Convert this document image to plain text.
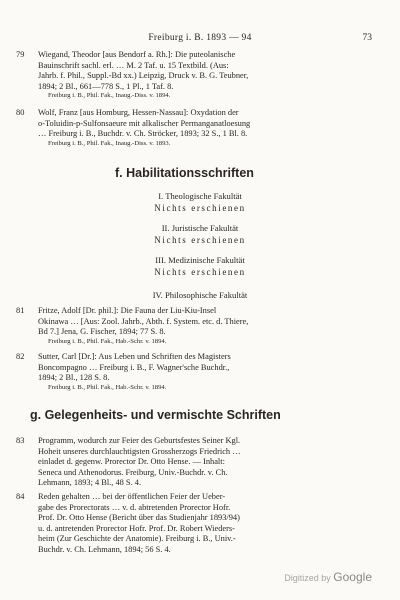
Freiburg i. B. 1893 — 94	73
79 Wiegand, Theodor [aus Bendorf a. Rh.]: Die puteolanische
Bauinschrift sachl. erl. … M. 2 Taf. u. 15 Textbild. (Aus:
Jahrb. f. Phil., Suppl.-Bd xx.) Leipzig, Druck v. B. G. Teubner,
1894; 2 Bl., 661—778 S., 1 Pl., 1 Taf. 8.
Freiburg i. B., Phil. Fak., Inaug.-Diss. v. 1894.
80 Wolf, Franz [aus Homburg, Hessen-Nassau]: Oxydation der
o-Toluidin-p-Sulfonsaeure mit alkalischer Permanganatloesung
… Freiburg i. B., Buchdr. v. Ch. Ströcker, 1893; 32 S., 1 Bl. 8.
Freiburg i. B., Phil. Fak., Inaug.-Diss. v. 1893.
f. Habilitationsschriften
I. Theologische Fakultät
Nichts erschienen
II. Juristische Fakultät
Nichts erschienen
III. Medizinische Fakultät
Nichts erschienen
IV. Philosophische Fakultät
81 Fritze, Adolf [Dr. phil.]: Die Fauna der Liu-Kiu-Insel
Okinawa … [Aus: Zool. Jahrb., Abth. f. System. etc. d. Thiere,
Bd 7.] Jena, G. Fischer, 1894; 77 S. 8.
Freiburg i. B., Phil. Fak., Hab.-Schr. v. 1894.
82 Sutter, Carl [Dr.]: Aus Leben und Schriften des Magisters
Boncompagno … Freiburg i. B., F. Wagner'sche Buchdr.,
1894; 2 Bl., 128 S. 8.
Freiburg i. B., Phil. Fak., Hab.-Schr. v. 1894.
g. Gelegenheits- und vermischte Schriften
83 Programm, wodurch zur Feier des Geburtsfestes Seiner Kgl.
Hoheit unseres durchlauchtigsten Grossherzogs Friedrich …
einladet d. gegenw. Prorector Dr. Otto Hense. — Inhalt:
Seneca und Athenodorus. Freiburg, Univ.-Buchdr. v. Ch.
Lehmann, 1893; 4 Bl., 48 S. 4.
84 Reden gehalten … bei der öffentlichen Feier der Ueber-
gabe des Prorectorats … v. d. abtretenden Prorector Hofr.
Prof. Dr. Otto Hense (Bericht über das Studienjahr 1893/94)
u. d. antretenden Prorector Hofr. Prof. Dr. Robert Wieders-
heim (Zur Geschichte der Anatomie). Freiburg i. B., Univ.-
Buchdr. v. Ch. Lehmann, 1894; 56 S. 4.
Digitized by Google
